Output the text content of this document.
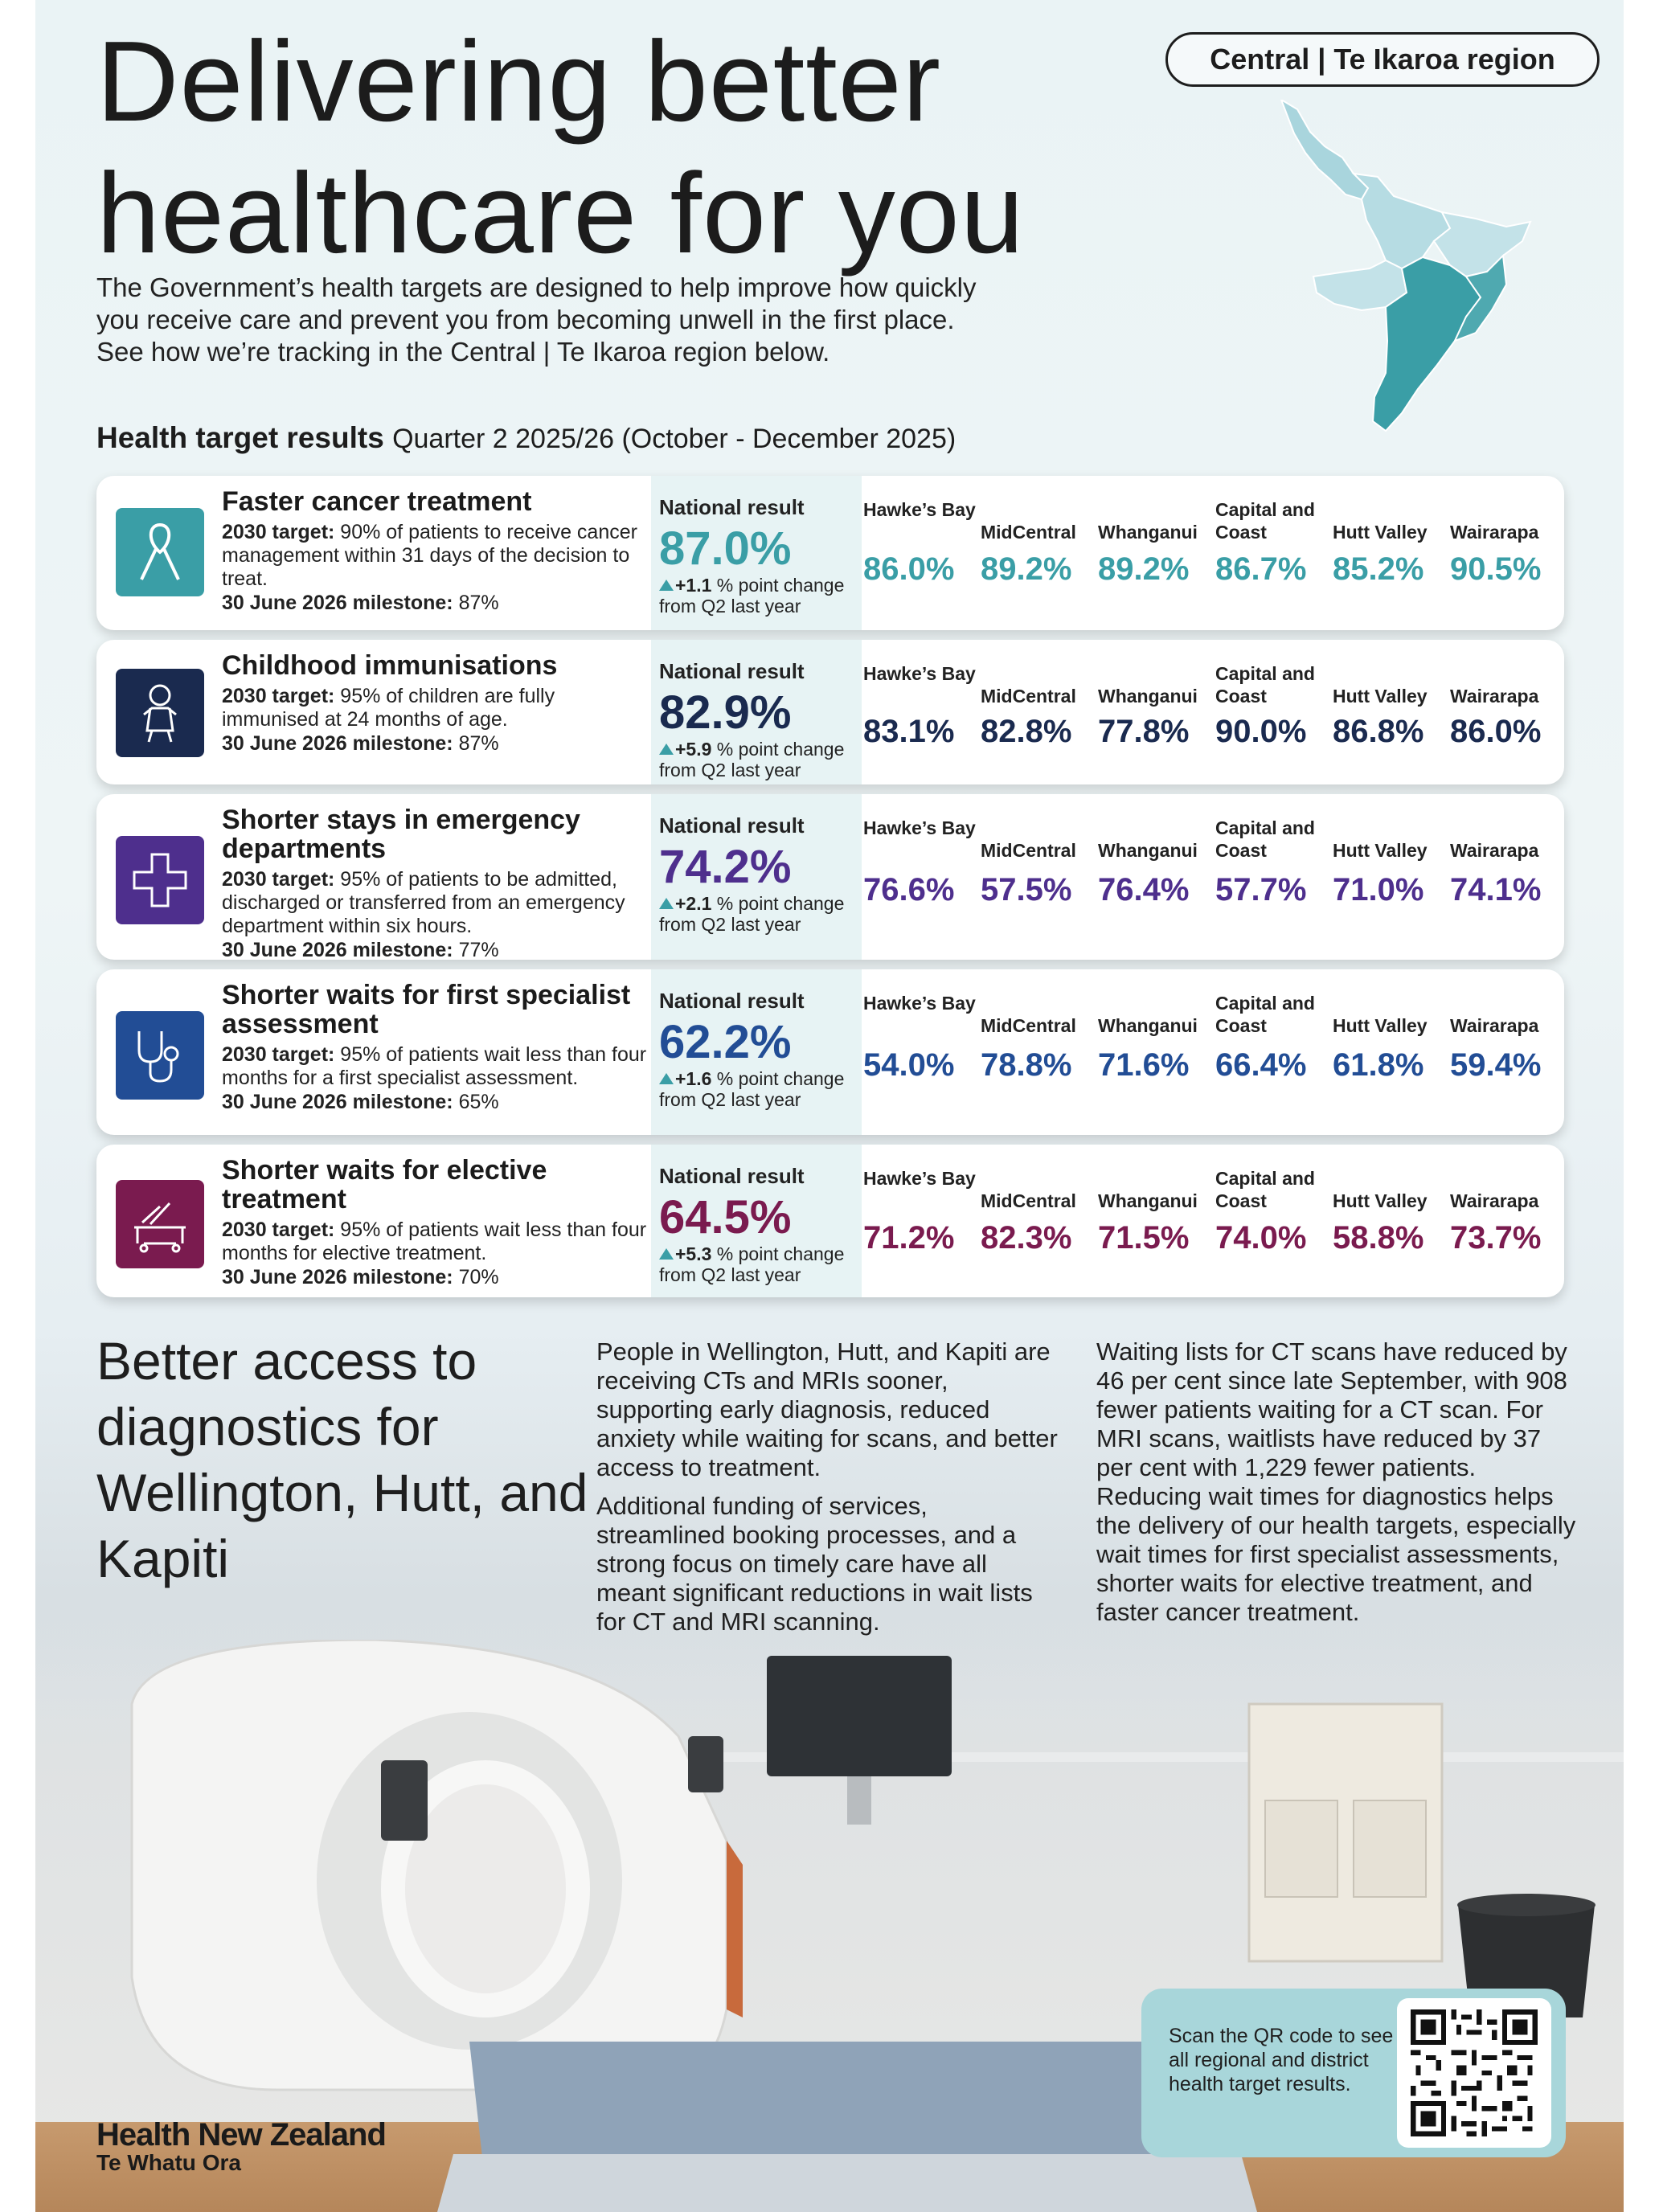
Delivering better
healthcare for you
Central | Te Ikaroa region
The Government’s health targets are designed to help improve how quickly
you receive care and prevent you from becoming unwell in the first place.
See how we’re tracking in the Central | Te Ikaroa region below.
Health target results Quarter 2 2025/26 (October - December 2025)
Faster cancer treatment
2030 target: 90% of patients to receive cancer management within 31 days of the decision to treat.
30 June 2026 milestone: 87%
National result
87.0%
+1.1 % point change
from Q2 last year
Hawke’s Bay
86.0%
MidCentral
89.2%
Whanganui
89.2%
Capital and Coast
86.7%
Hutt Valley
85.2%
Wairarapa
90.5%
Childhood immunisations
2030 target: 95% of children are fully immunised at 24 months of age.
30 June 2026 milestone: 87%
National result
82.9%
+5.9 % point change
from Q2 last year
Hawke’s Bay
83.1%
MidCentral
82.8%
Whanganui
77.8%
Capital and Coast
90.0%
Hutt Valley
86.8%
Wairarapa
86.0%
Shorter stays in emergency departments
2030 target: 95% of patients to be admitted, discharged or transferred from an emergency department within six hours.
30 June 2026 milestone: 77%
National result
74.2%
+2.1 % point change
from Q2 last year
Hawke’s Bay
76.6%
MidCentral
57.5%
Whanganui
76.4%
Capital and Coast
57.7%
Hutt Valley
71.0%
Wairarapa
74.1%
Shorter waits for first specialist assessment
2030 target: 95% of patients wait less than four months for a first specialist assessment.
30 June 2026 milestone: 65%
National result
62.2%
+1.6 % point change
from Q2 last year
Hawke’s Bay
54.0%
MidCentral
78.8%
Whanganui
71.6%
Capital and Coast
66.4%
Hutt Valley
61.8%
Wairarapa
59.4%
Shorter waits for elective treatment
2030 target: 95% of patients wait less than four months for elective treatment.
30 June 2026 milestone: 70%
National result
64.5%
+5.3 % point change
from Q2 last year
Hawke’s Bay
71.2%
MidCentral
82.3%
Whanganui
71.5%
Capital and Coast
74.0%
Hutt Valley
58.8%
Wairarapa
73.7%
Better access to diagnostics for Wellington, Hutt, and Kapiti

People in Wellington, Hutt, and Kapiti are receiving CTs and MRIs sooner, supporting early diagnosis, reduced anxiety while waiting for scans, and better access to treatment.

Additional funding of services, streamlined booking processes, and a strong focus on timely care have all meant significant reductions in wait lists for CT and MRI scanning.

Waiting lists for CT scans have reduced by 46 per cent since late September, with 908 fewer patients waiting for a CT scan. For MRI scans, waitlists have reduced by 37 per cent with 1,229 fewer patients. Reducing wait times for diagnostics helps the delivery of our health targets, especially wait times for first specialist assessments, shorter waits for elective treatment, and faster cancer treatment.

Scan the QR code to see all regional and district health target results.
Health New Zealand
Te Whatu Ora
